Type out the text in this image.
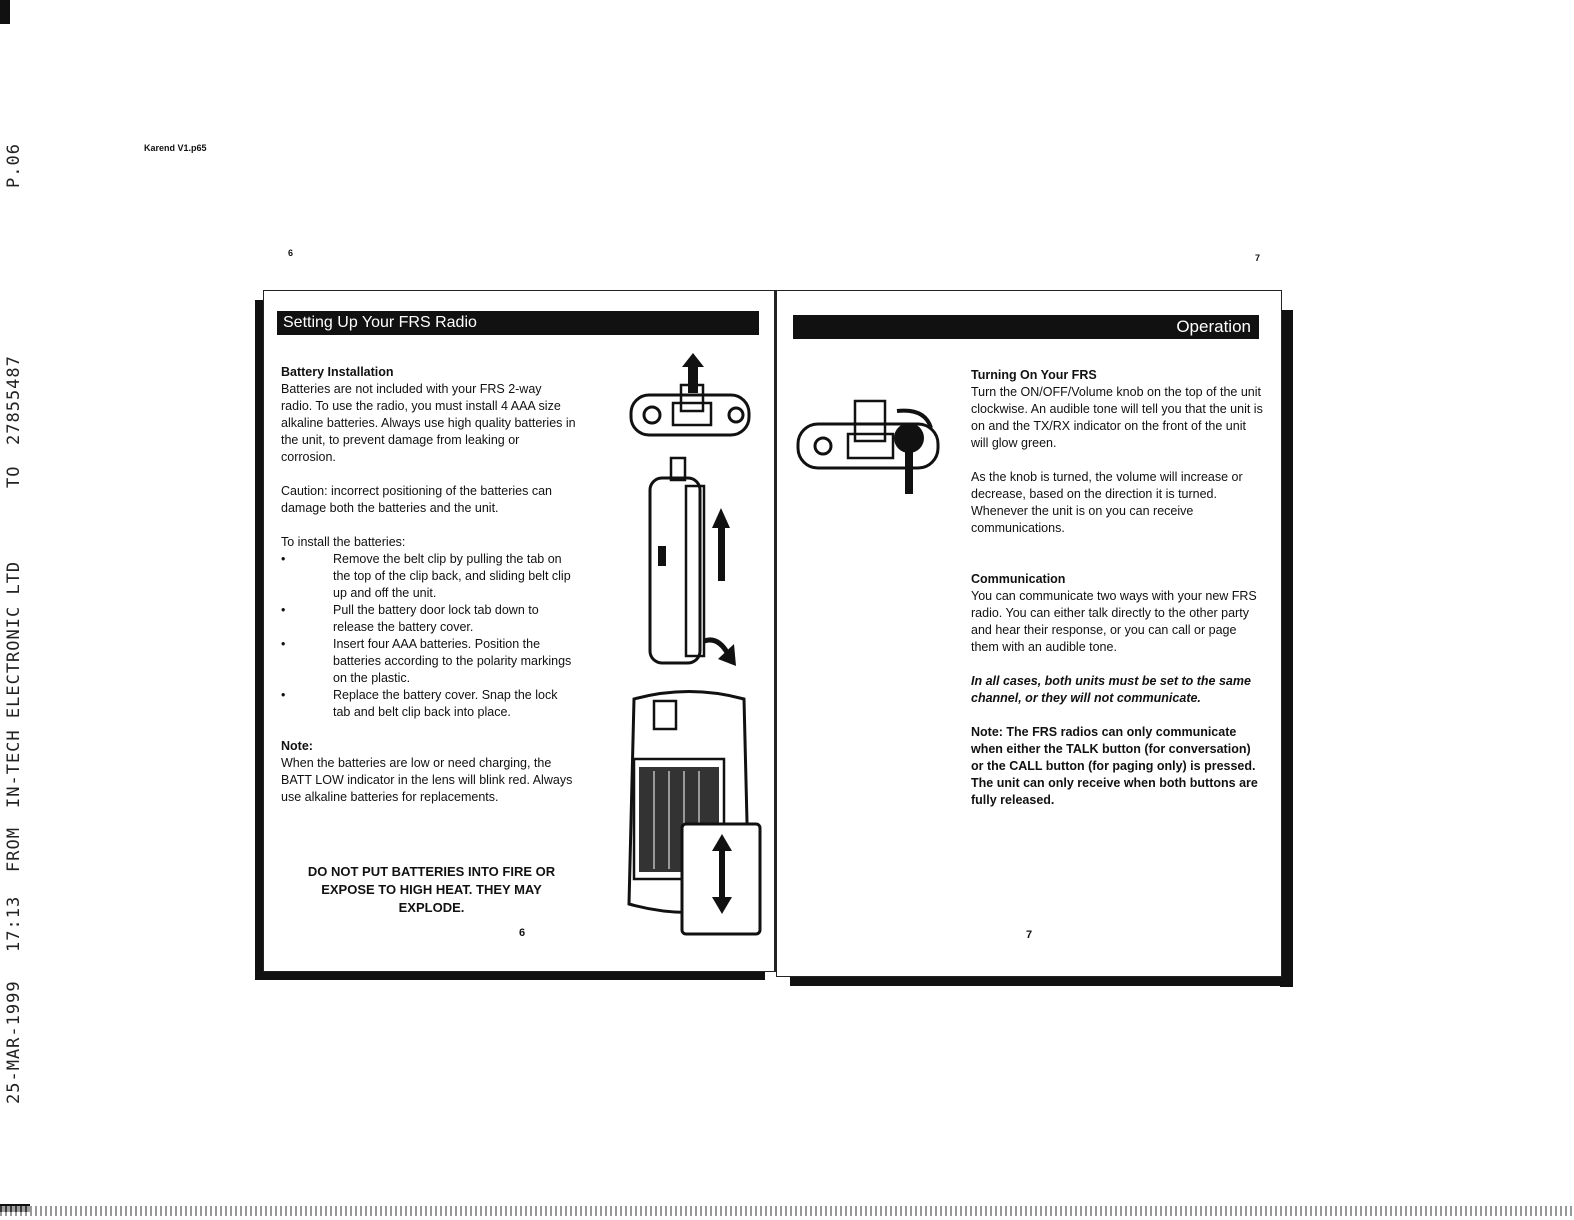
25-MAR-1999
17:13
FROM
IN-TECH ELECTRONIC LTD
TO
27855487
P.06	Karend V1.p65
6	7
Setting Up Your FRS Radio

Battery Installation

Batteries are not included with your FRS 2-way radio. To use the radio, you must install 4 AAA size alkaline batteries. Always use high quality batteries in the unit, to prevent damage from leaking or corrosion.

Caution: incorrect positioning of the batteries can damage both the batteries and the unit.

To install the batteries:

• Remove the belt clip by pulling the tab on the top of the clip back, and sliding belt clip up and off the unit.

• Pull the battery door lock tab down to release the battery cover.

• Insert four AAA batteries. Position the batteries according to the polarity markings on the plastic.

• Replace the battery cover. Snap the lock tab and belt clip back into place.

Note:

When the batteries are low or need charging, the BATT LOW indicator in the lens will blink red. Always use alkaline batteries for replacements.

DO NOT PUT BATTERIES INTO FIRE OR EXPOSE TO HIGH HEAT. THEY MAY EXPLODE.
6
Operation

Turning On Your FRS

Turn the ON/OFF/Volume knob on the top of the unit clockwise. An audible tone will tell you that the unit is on and the TX/RX indicator on the front of the unit will glow green.

As the knob is turned, the volume will increase or decrease, based on the direction it is turned. Whenever the unit is on you can receive communications.

Communication

You can communicate two ways with your new FRS radio. You can either talk directly to the other party and hear their response, or you can call or page them with an audible tone.

In all cases, both units must be set to the same channel, or they will not communicate.

Note: The FRS radios can only communicate when either the TALK button (for conversation) or the CALL button (for paging only) is pressed. The unit can only receive when both buttons are fully released.

7
